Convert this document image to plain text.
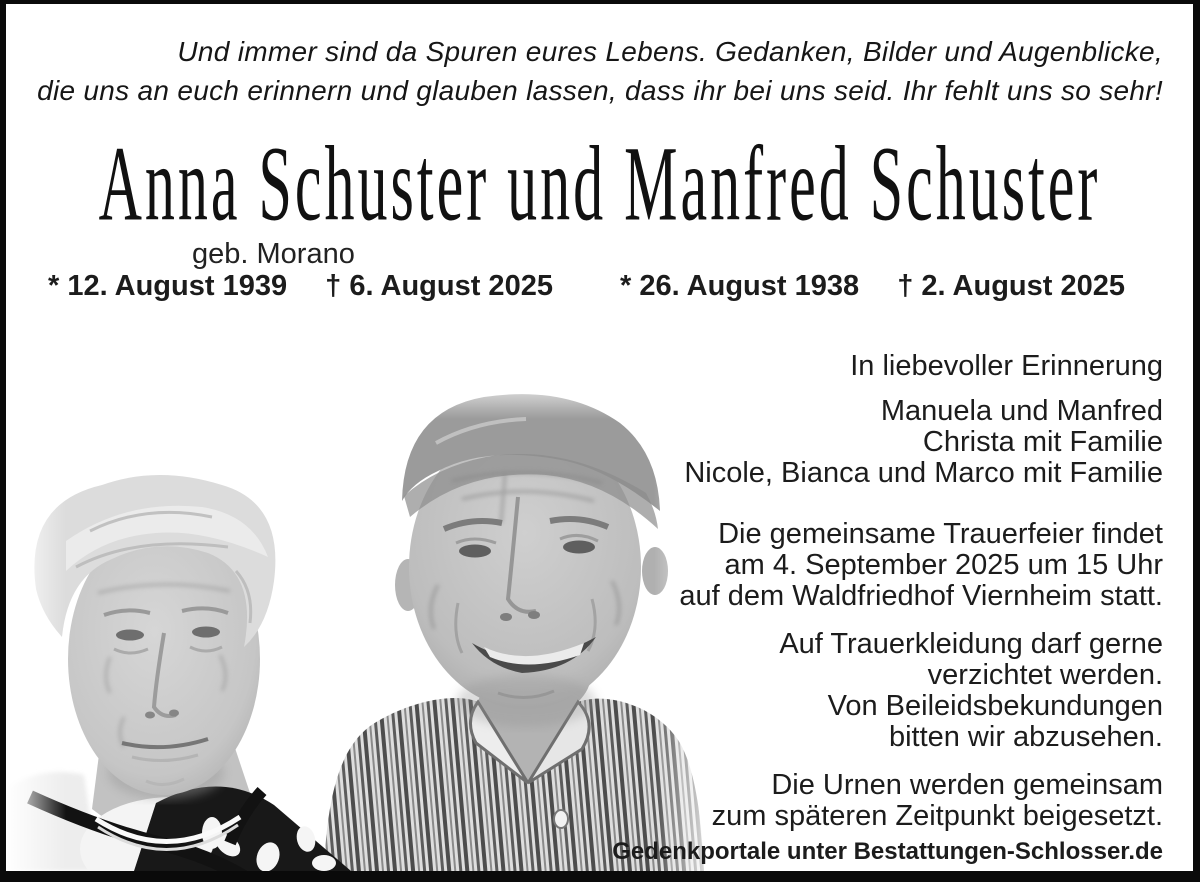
Und immer sind da Spuren eures Lebens. Gedanken, Bilder und Augenblicke,
die uns an euch erinnern und glauben lassen, dass ihr bei uns seid. Ihr fehlt uns so sehr!
Anna Schuster und Manfred Schuster
geb. Morano
* 12. August 1939 † 6. August 2025 * 26. August 1938 † 2. August 2025
In liebevoller Erinnerung
Manuela und Manfred
Christa mit Familie
Nicole, Bianca und Marco mit Familie
Die gemeinsame Trauerfeier findet
am 4. September 2025 um 15 Uhr
auf dem Waldfriedhof Viernheim statt.
Auf Trauerkleidung darf gerne
verzichtet werden.
Von Beileidsbekundungen
bitten wir abzusehen.
Die Urnen werden gemeinsam
zum späteren Zeitpunkt beigesetzt.
Gedenkportale unter Bestattungen-Schlosser.de
